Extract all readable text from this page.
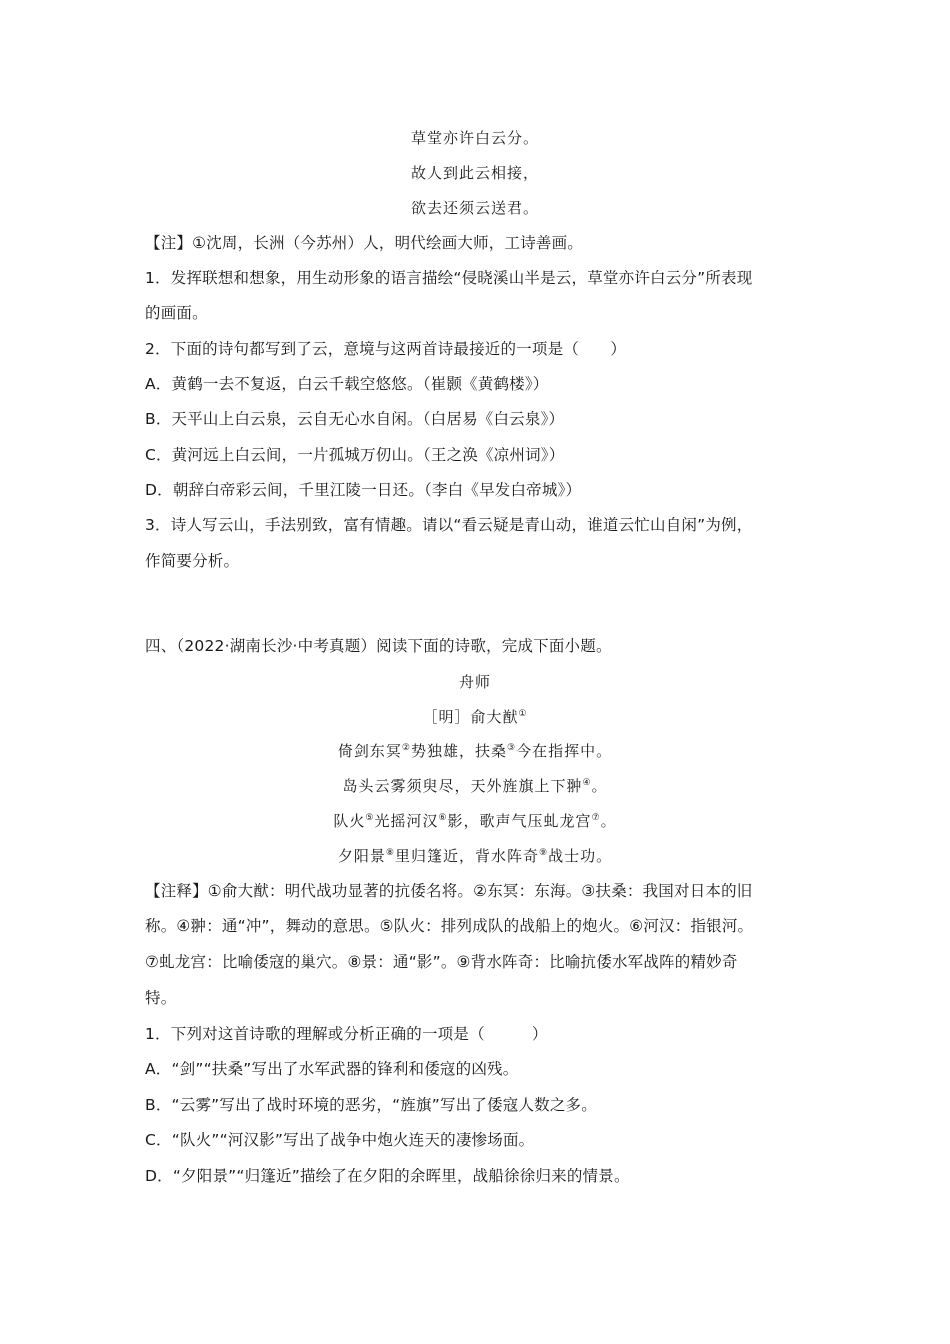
草堂亦许白云分。
故人到此云相接，
欲去还须云送君。
【注】①沈周，长洲（今苏州）人，明代绘画大师，工诗善画。
1．发挥联想和想象，用生动形象的语言描绘“侵晓溪山半是云，草堂亦许白云分”所表现
的画面。
2．下面的诗句都写到了云，意境与这两首诗最接近的一项是（　　）
A．黄鹤一去不复返，白云千载空悠悠。（崔颢《黄鹤楼》）
B．天平山上白云泉，云自无心水自闲。（白居易《白云泉》）
C．黄河远上白云间，一片孤城万仞山。（王之涣《凉州词》）
D．朝辞白帝彩云间，千里江陵一日还。（李白《早发白帝城》）
3．诗人写云山，手法别致，富有情趣。请以“看云疑是青山动，谁道云忙山自闲”为例，
作简要分析。
四、（2022·湖南长沙·中考真题）阅读下面的诗歌，完成下面小题。
舟师
［明］俞大猷①
倚剑东冥②势独雄，扶桑③今在指挥中。
岛头云雾须臾尽，天外旌旗上下翀④。
队火⑤光摇河汉⑥影，歌声气压虬龙宫⑦。
夕阳景⑧里归篷近，背水阵奇⑨战士功。
【注释】①俞大猷：明代战功显著的抗倭名将。②东冥：东海。③扶桑：我国对日本的旧
称。④翀：通“冲”，舞动的意思。⑤队火：排列成队的战船上的炮火。⑥河汉：指银河。
⑦虬龙宫：比喻倭寇的巢穴。⑧景：通“影”。⑨背水阵奇：比喻抗倭水军战阵的精妙奇
特。
1．下列对这首诗歌的理解或分析正确的一项是（　　　）
A．“剑”“扶桑”写出了水军武器的锋利和倭寇的凶残。
B．“云雾”写出了战时环境的恶劣，“旌旗”写出了倭寇人数之多。
C．“队火”“河汉影”写出了战争中炮火连天的凄惨场面。
D．“夕阳景”“归篷近”描绘了在夕阳的余晖里，战船徐徐归来的情景。
